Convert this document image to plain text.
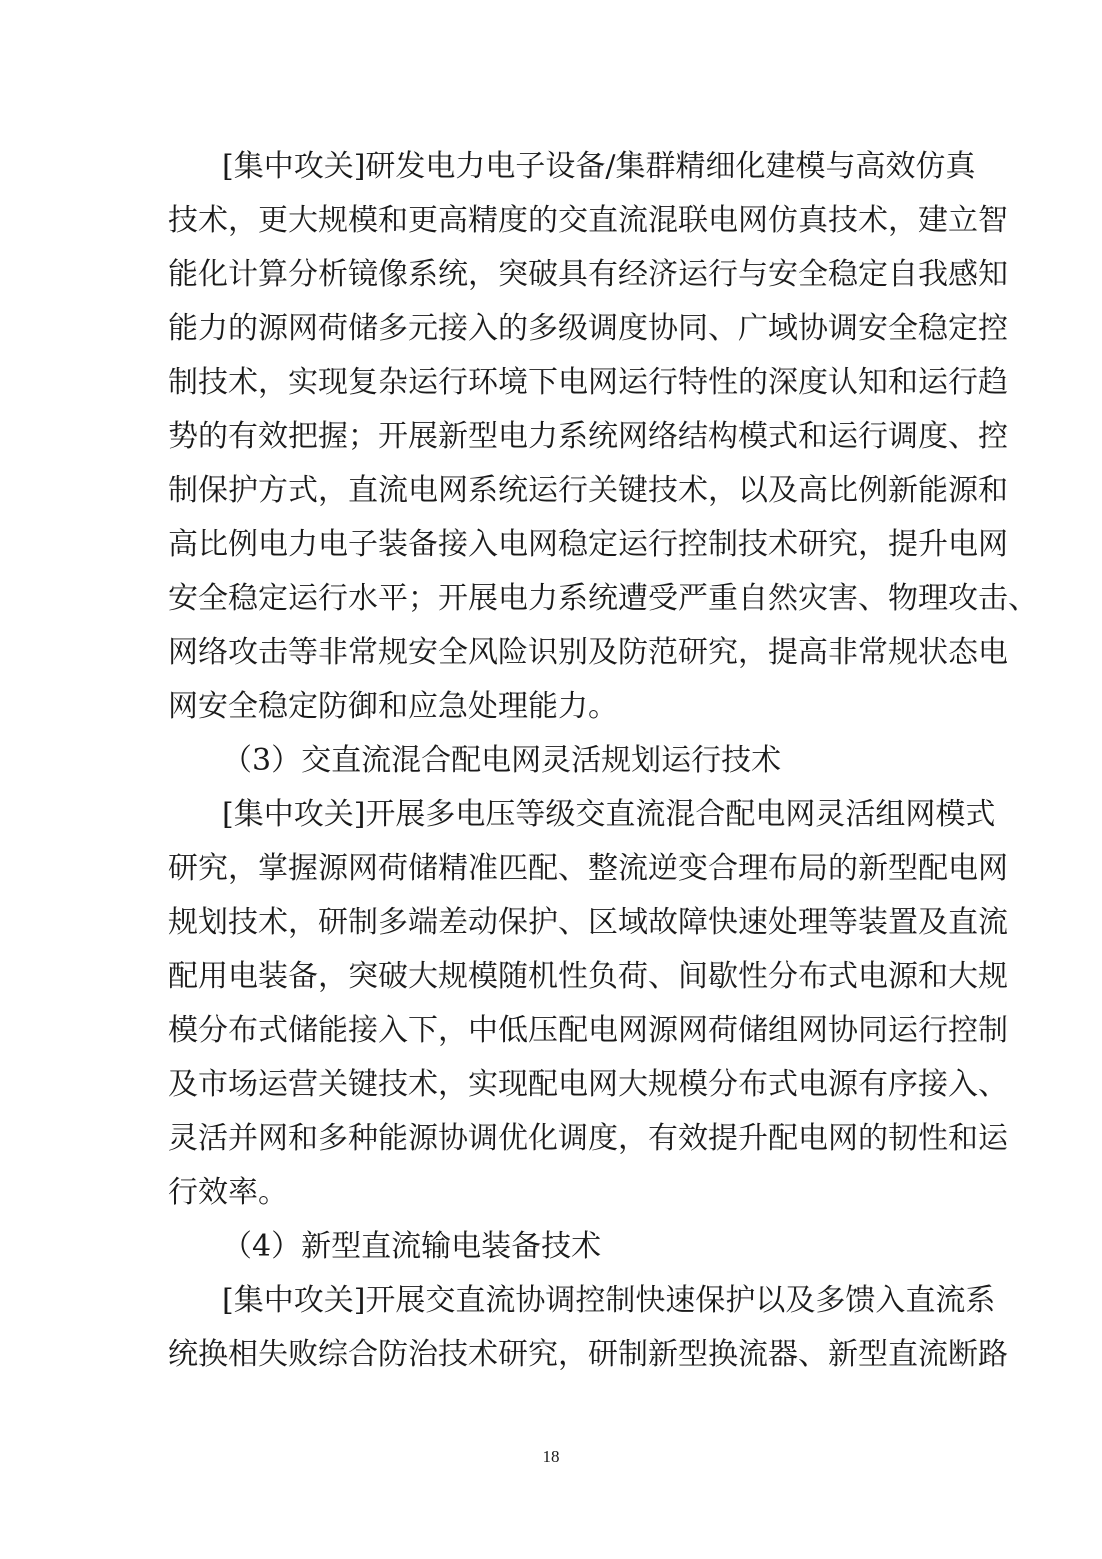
[集中攻关]研发电力电子设备/集群精细化建模与高效仿真
技术，更大规模和更高精度的交直流混联电网仿真技术，建立智
能化计算分析镜像系统，突破具有经济运行与安全稳定自我感知
能力的源网荷储多元接入的多级调度协同、广域协调安全稳定控
制技术，实现复杂运行环境下电网运行特性的深度认知和运行趋
势的有效把握；开展新型电力系统网络结构模式和运行调度、控
制保护方式，直流电网系统运行关键技术，以及高比例新能源和
高比例电力电子装备接入电网稳定运行控制技术研究，提升电网
安全稳定运行水平；开展电力系统遭受严重自然灾害、物理攻击、
网络攻击等非常规安全风险识别及防范研究，提高非常规状态电
网安全稳定防御和应急处理能力。
（3）交直流混合配电网灵活规划运行技术
[集中攻关]开展多电压等级交直流混合配电网灵活组网模式
研究，掌握源网荷储精准匹配、整流逆变合理布局的新型配电网
规划技术，研制多端差动保护、区域故障快速处理等装置及直流
配用电装备，突破大规模随机性负荷、间歇性分布式电源和大规
模分布式储能接入下，中低压配电网源网荷储组网协同运行控制
及市场运营关键技术，实现配电网大规模分布式电源有序接入、
灵活并网和多种能源协调优化调度，有效提升配电网的韧性和运
行效率。
（4）新型直流输电装备技术
[集中攻关]开展交直流协调控制快速保护以及多馈入直流系
统换相失败综合防治技术研究，研制新型换流器、新型直流断路
18
